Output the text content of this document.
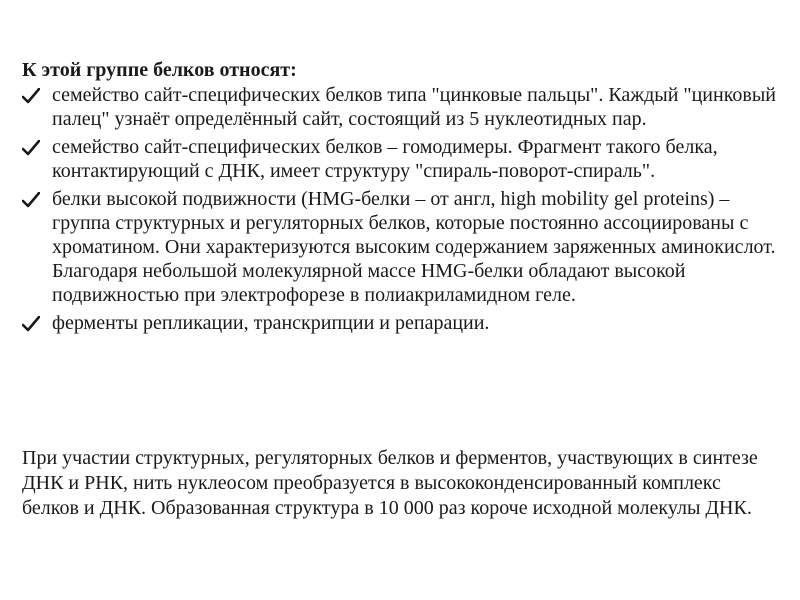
К этой группе белков относят:
семейство сайт-специфических белков типа "цинковые пальцы". Каждый "цинковый палец" узнаёт определённый сайт, состоящий из 5 нуклеотидных пар.
семейство сайт-специфических белков – гомодимеры. Фрагмент такого белка, контактирующий с ДНК, имеет структуру "спираль-поворот-спираль".
белки высокой подвижности (HMG-белки – от англ, high mobility gel proteins) – группа структурных и регуляторных белков, которые постоянно ассоциированы с хроматином. Они характеризуются высоким содержанием заряженных аминокислот. Благодаря небольшой молекулярной массе HMG-белки обладают высокой подвижностью при электрофорезе в полиакриламидном геле.
ферменты репликации, транскрипции и репарации.

При участии структурных, регуляторных белков и ферментов, участвующих в синтезе ДНК и РНК, нить нуклеосом преобразуется в высококонденсированный комплекс белков и ДНК. Образованная структура в 10 000 раз короче исходной молекулы ДНК.
